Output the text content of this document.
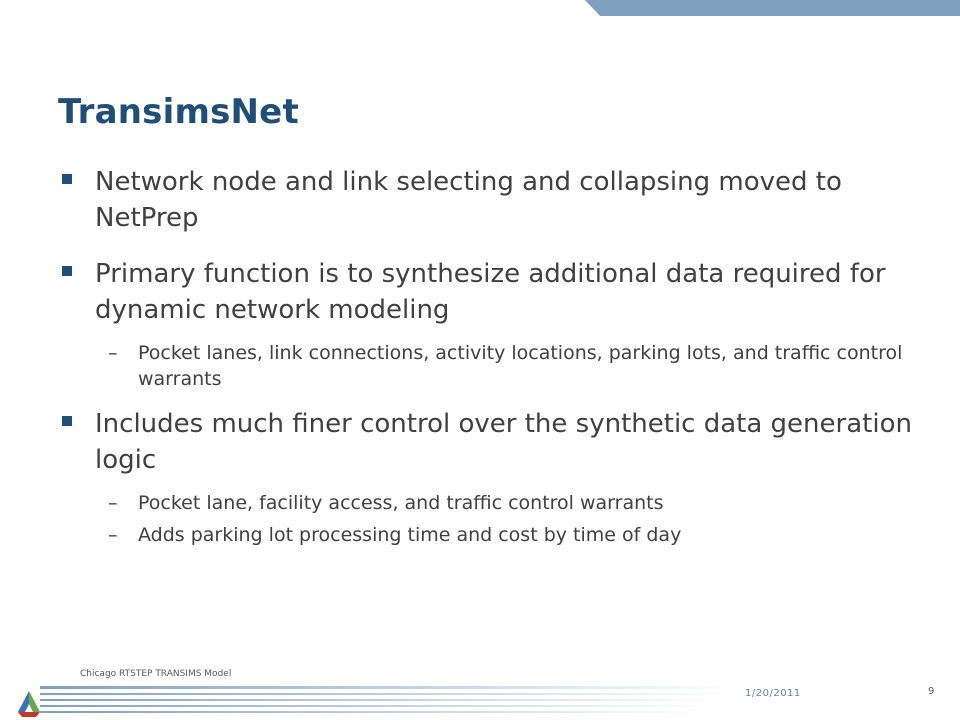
TransimsNet
Network node and link selecting and collapsing moved to NetPrep
Primary function is to synthesize additional data required for dynamic network modeling
– Pocket lanes, link connections, activity locations, parking lots, and traffic control warrants
Includes much finer control over the synthetic data generation logic
– Pocket lane, facility access, and traffic control warrants
– Adds parking lot processing time and cost by time of day
Chicago RTSTEP TRANSIMS Model
1/20/2011	9
